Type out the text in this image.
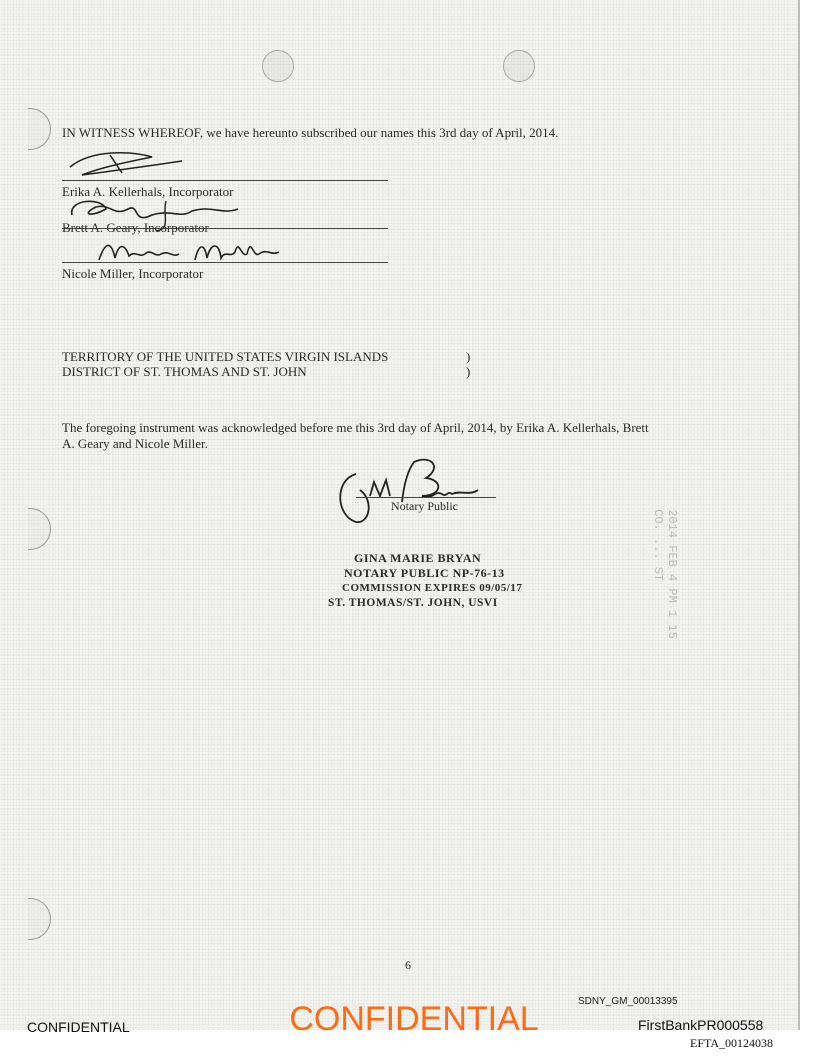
IN WITNESS WHEREOF, we have hereunto subscribed our names this 3rd day of April, 2014.
Erika A. Kellerhals, Incorporator
Brett A. Geary, Incorporator
Nicole Miller, Incorporator
TERRITORY OF THE UNITED STATES VIRGIN ISLANDS
DISTRICT OF ST. THOMAS AND ST. JOHN
)
)
The foregoing instrument was acknowledged before me this 3rd day of April, 2014, by Erika A. Kellerhals, Brett
A. Geary and Nicole Miller.
Notary Public
GINA MARIE BRYAN
NOTARY PUBLIC NP-76-13
COMMISSION EXPIRES 09/05/17
ST. THOMAS/ST. JOHN, USVI	2014 FEB 4 PM 1 15
CO. ... ST
6
CONFIDENTIAL	CONFIDENTIAL	SDNY_GM_00013395
FirstBankPR000558
EFTA_00124038
